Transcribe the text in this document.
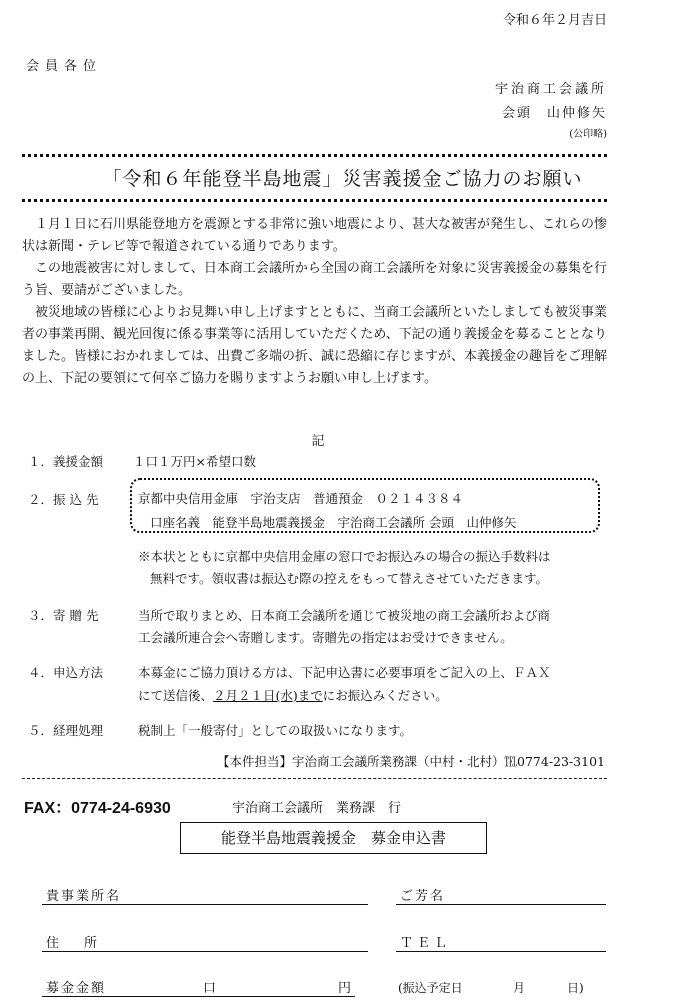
令和６年２月吉日
会員各位
宇治商工会議所
会頭　山仲修矢
(公印略)
「令和６年能登半島地震」災害義援金ご協力のお願い

１月１日に石川県能登地方を震源とする非常に強い地震により、甚大な被害が発生し、これらの惨状は新聞・テレビ等で報道されている通りであります。

この地震被害に対しまして、日本商工会議所から全国の商工会議所を対象に災害義援金の募集を行う旨、要請がございました。

被災地域の皆様に心よりお見舞い申し上げますとともに、当商工会議所といたしましても被災事業者の事業再開、観光回復に係る事業等に活用していただくため、下記の通り義援金を募ることとなりました。皆様におかれましては、出費ご多端の折、誠に恐縮に存じますが、本義援金の趣旨をご理解の上、下記の要領にて何卒ご協力を賜りますようお願い申し上げます。

記
１．義援金額 １口１万円×希望口数
２．振 込 先	京都中央信用金庫　宇治支店　普通預金　０２１４３８４
口座名義　能登半島地震義援金　宇治商工会議所 会頭　山仲修矢
※本状とともに京都中央信用金庫の窓口でお振込みの場合の振込手数料は
無料です。領収書は振込む際の控えをもって替えさせていただきます。
３．寄 贈 先	当所で取りまとめ、日本商工会議所を通じて被災地の商工会議所および商
工会議所連合会へ寄贈します。寄贈先の指定はお受けできません。
４．申込方法	本募金にご協力頂ける方は、下記申込書に必要事項をご記入の上、ＦＡＸ
にて送信後、２月２１日(水)までにお振込みください。
５．経理処理	税制上「一般寄付」としての取扱いになります。
【本件担当】宇治商工会議所業務課（中村・北村）℡0774-23-3101
FAX：0774-24-6930	宇治商工会議所　業務課　行
能登半島地震義援金　募金申込書
貴事業所名	ご芳名
住　所	ＴＥＬ
募金金額	口	円	(振込予定日	月	日)
